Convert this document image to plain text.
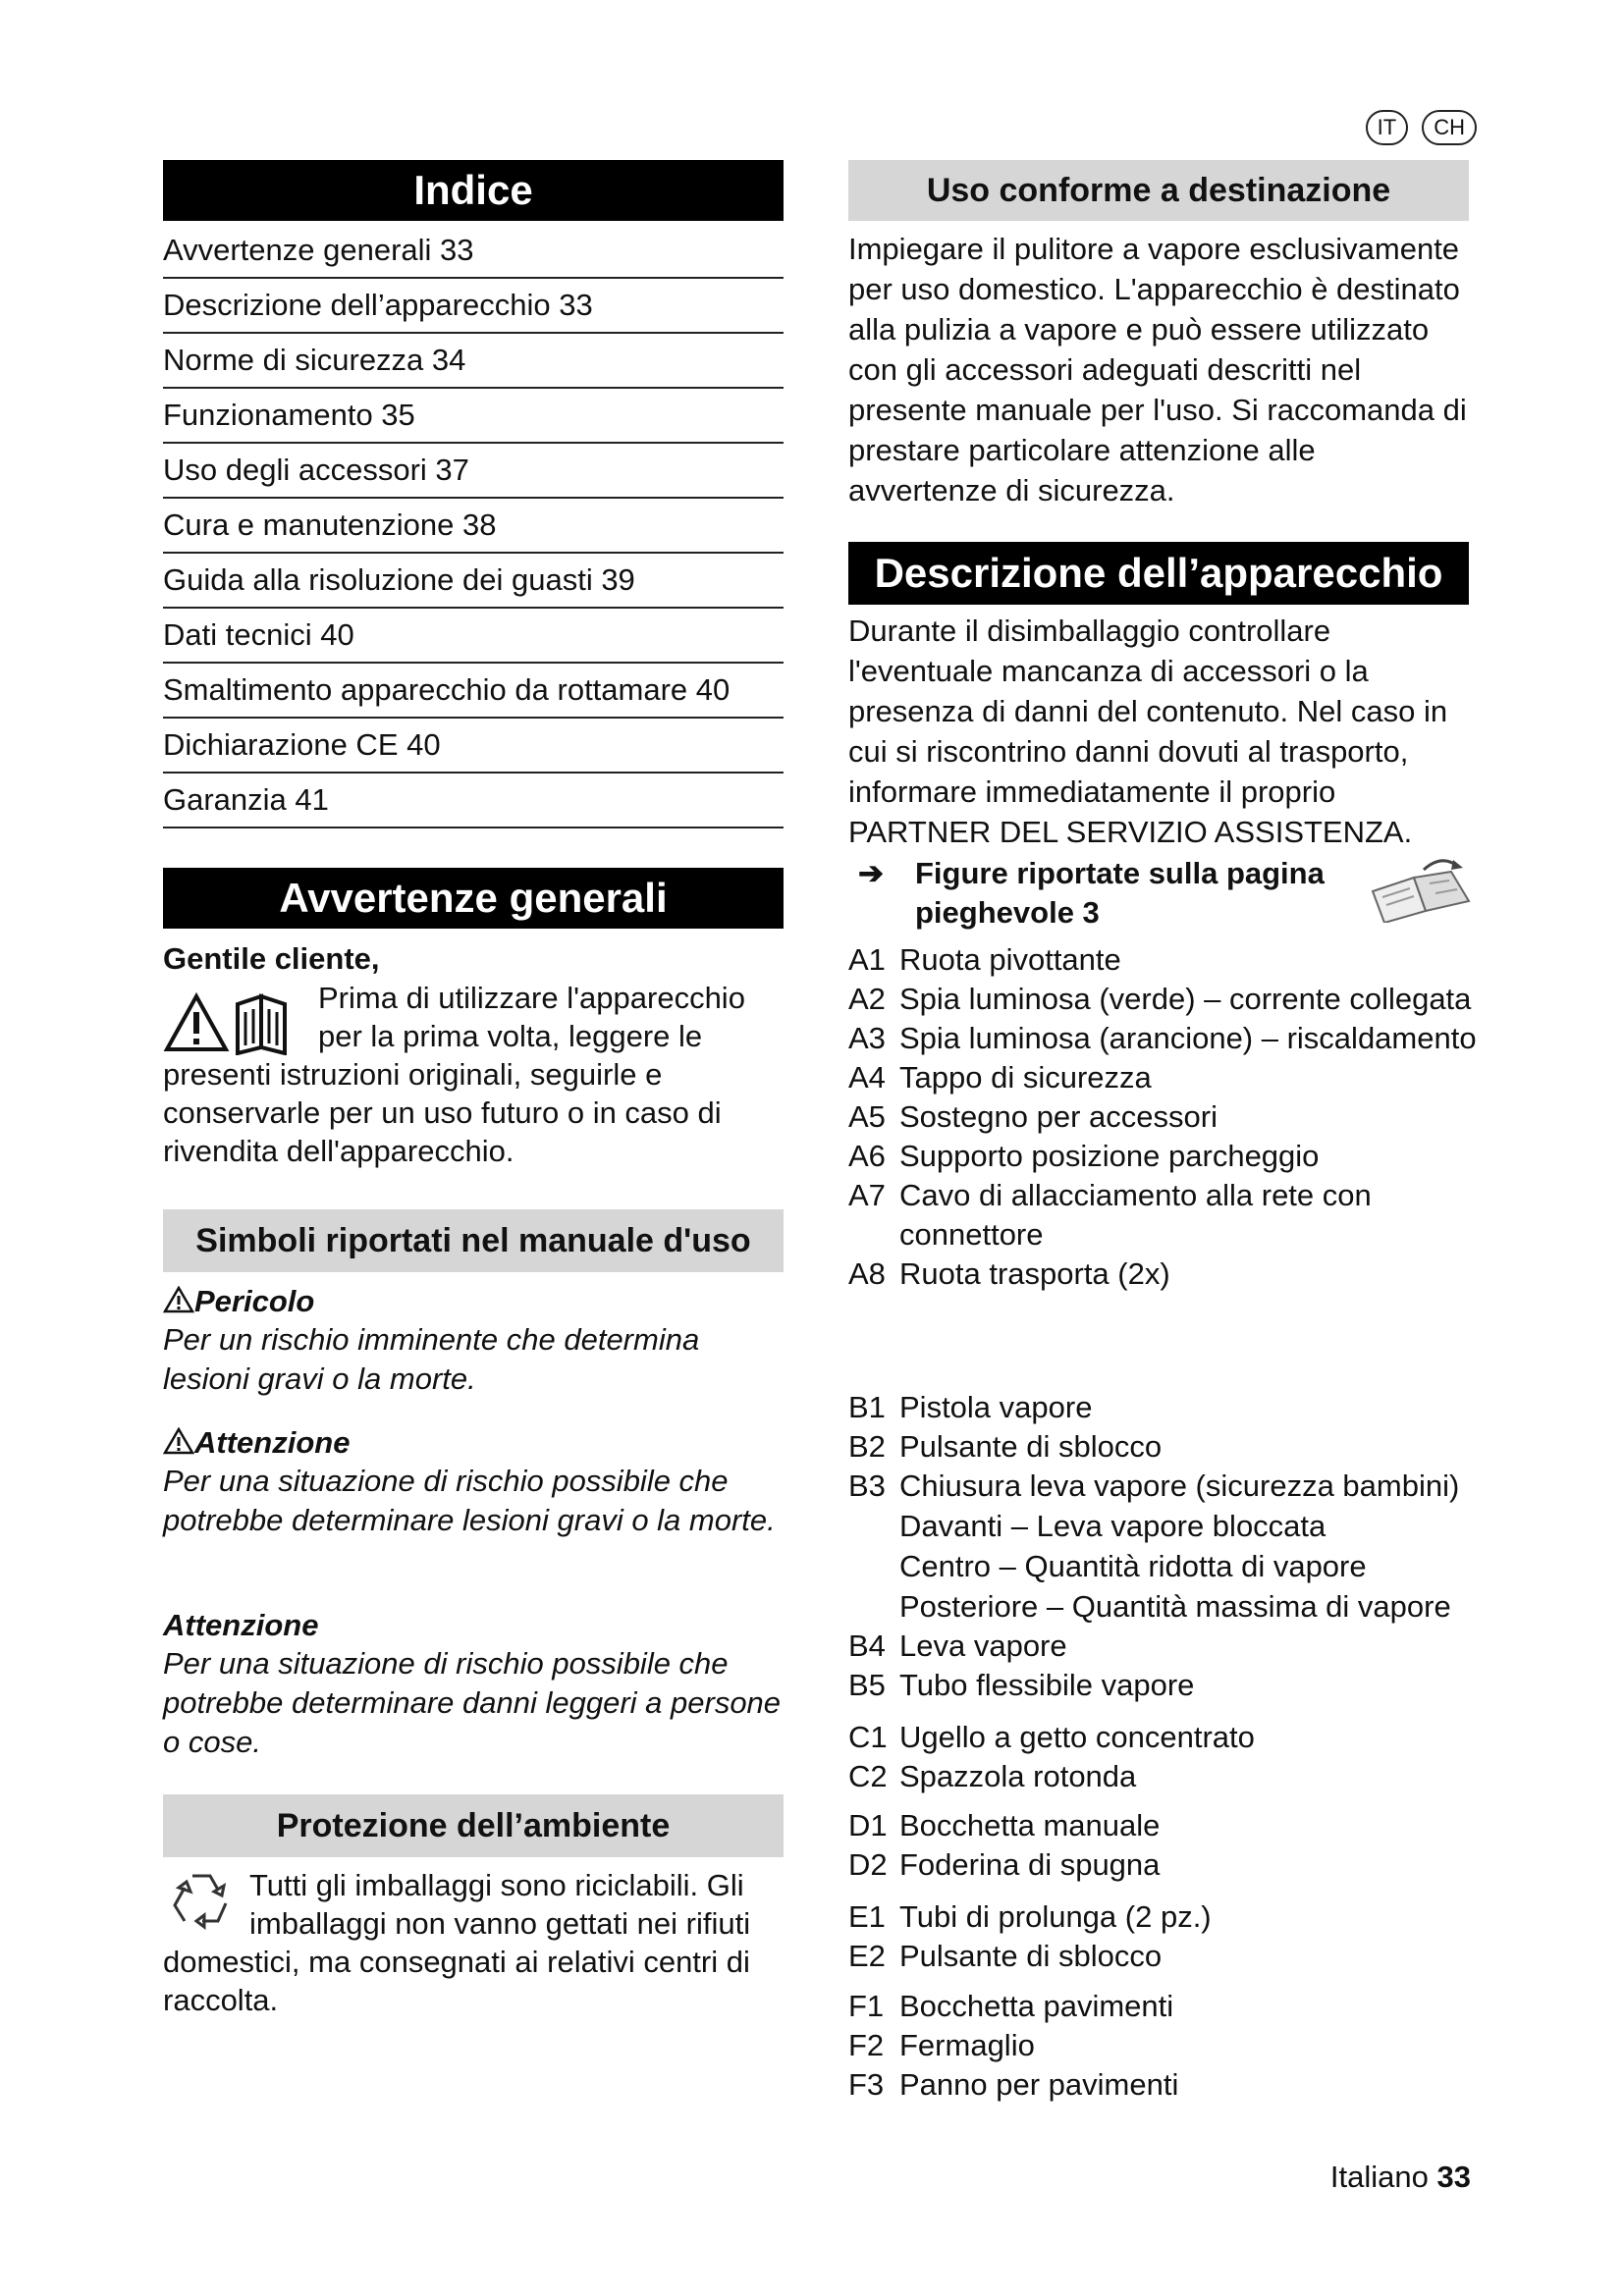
IT	CH
Indice
Avvertenze generali 33
Descrizione dell’apparecchio 33
Norme di sicurezza 34
Funzionamento 35
Uso degli accessori 37
Cura e manutenzione 38
Guida alla risoluzione dei guasti 39
Dati tecnici 40
Smaltimento apparecchio da rottamare 40
Dichiarazione CE 40
Garanzia 41
Avvertenze generali
Gentile cliente,
Prima di utilizzare l'apparecchio per la prima volta, leggere le presenti istruzioni originali, seguirle e conservarle per un uso futuro o in caso di rivendita dell'apparecchio.
Simboli riportati nel manuale d'uso
Pericolo
Per un rischio imminente che determina lesioni gravi o la morte.
Attenzione
Per una situazione di rischio possibile che potrebbe determinare lesioni gravi o la morte.
Attenzione
Per una situazione di rischio possibile che potrebbe determinare danni leggeri a persone o cose.
Protezione dell’ambiente
Tutti gli imballaggi sono riciclabili. Gli imballaggi non vanno gettati nei rifiuti domestici, ma consegnati ai relativi centri di raccolta.
Uso conforme a destinazione
Impiegare il pulitore a vapore esclusivamente per uso domestico. L'apparecchio è destinato alla pulizia a vapore e può essere utilizzato con gli accessori adeguati descritti nel presente manuale per l'uso. Si raccomanda di prestare particolare attenzione alle avvertenze di sicurezza.
Descrizione dell’apparecchio
Durante il disimballaggio controllare l'eventuale mancanza di accessori o la presenza di danni del contenuto. Nel caso in cui si riscontrino danni dovuti al trasporto, informare immediatamente il proprio PARTNER DEL SERVIZIO ASSISTENZA.
➔ Figure riportate sulla pagina pieghevole 3
A1 Ruota pivottante
A2 Spia luminosa (verde) – corrente collegata
A3 Spia luminosa (arancione) – riscaldamento
A4 Tappo di sicurezza
A5 Sostegno per accessori
A6 Supporto posizione parcheggio
A7 Cavo di allacciamento alla rete con connettore
A8 Ruota trasporta (2x)
B1 Pistola vapore
B2 Pulsante di sblocco
B3 Chiusura leva vapore (sicurezza bambini)
Davanti – Leva vapore bloccata
Centro – Quantità ridotta di vapore
Posteriore – Quantità massima di vapore
B4 Leva vapore
B5 Tubo flessibile vapore
C1 Ugello a getto concentrato
C2 Spazzola rotonda
D1 Bocchetta manuale
D2 Foderina di spugna
E1 Tubi di prolunga (2 pz.)
E2 Pulsante di sblocco
F1 Bocchetta pavimenti
F2 Fermaglio
F3 Panno per pavimenti
Italiano 33
